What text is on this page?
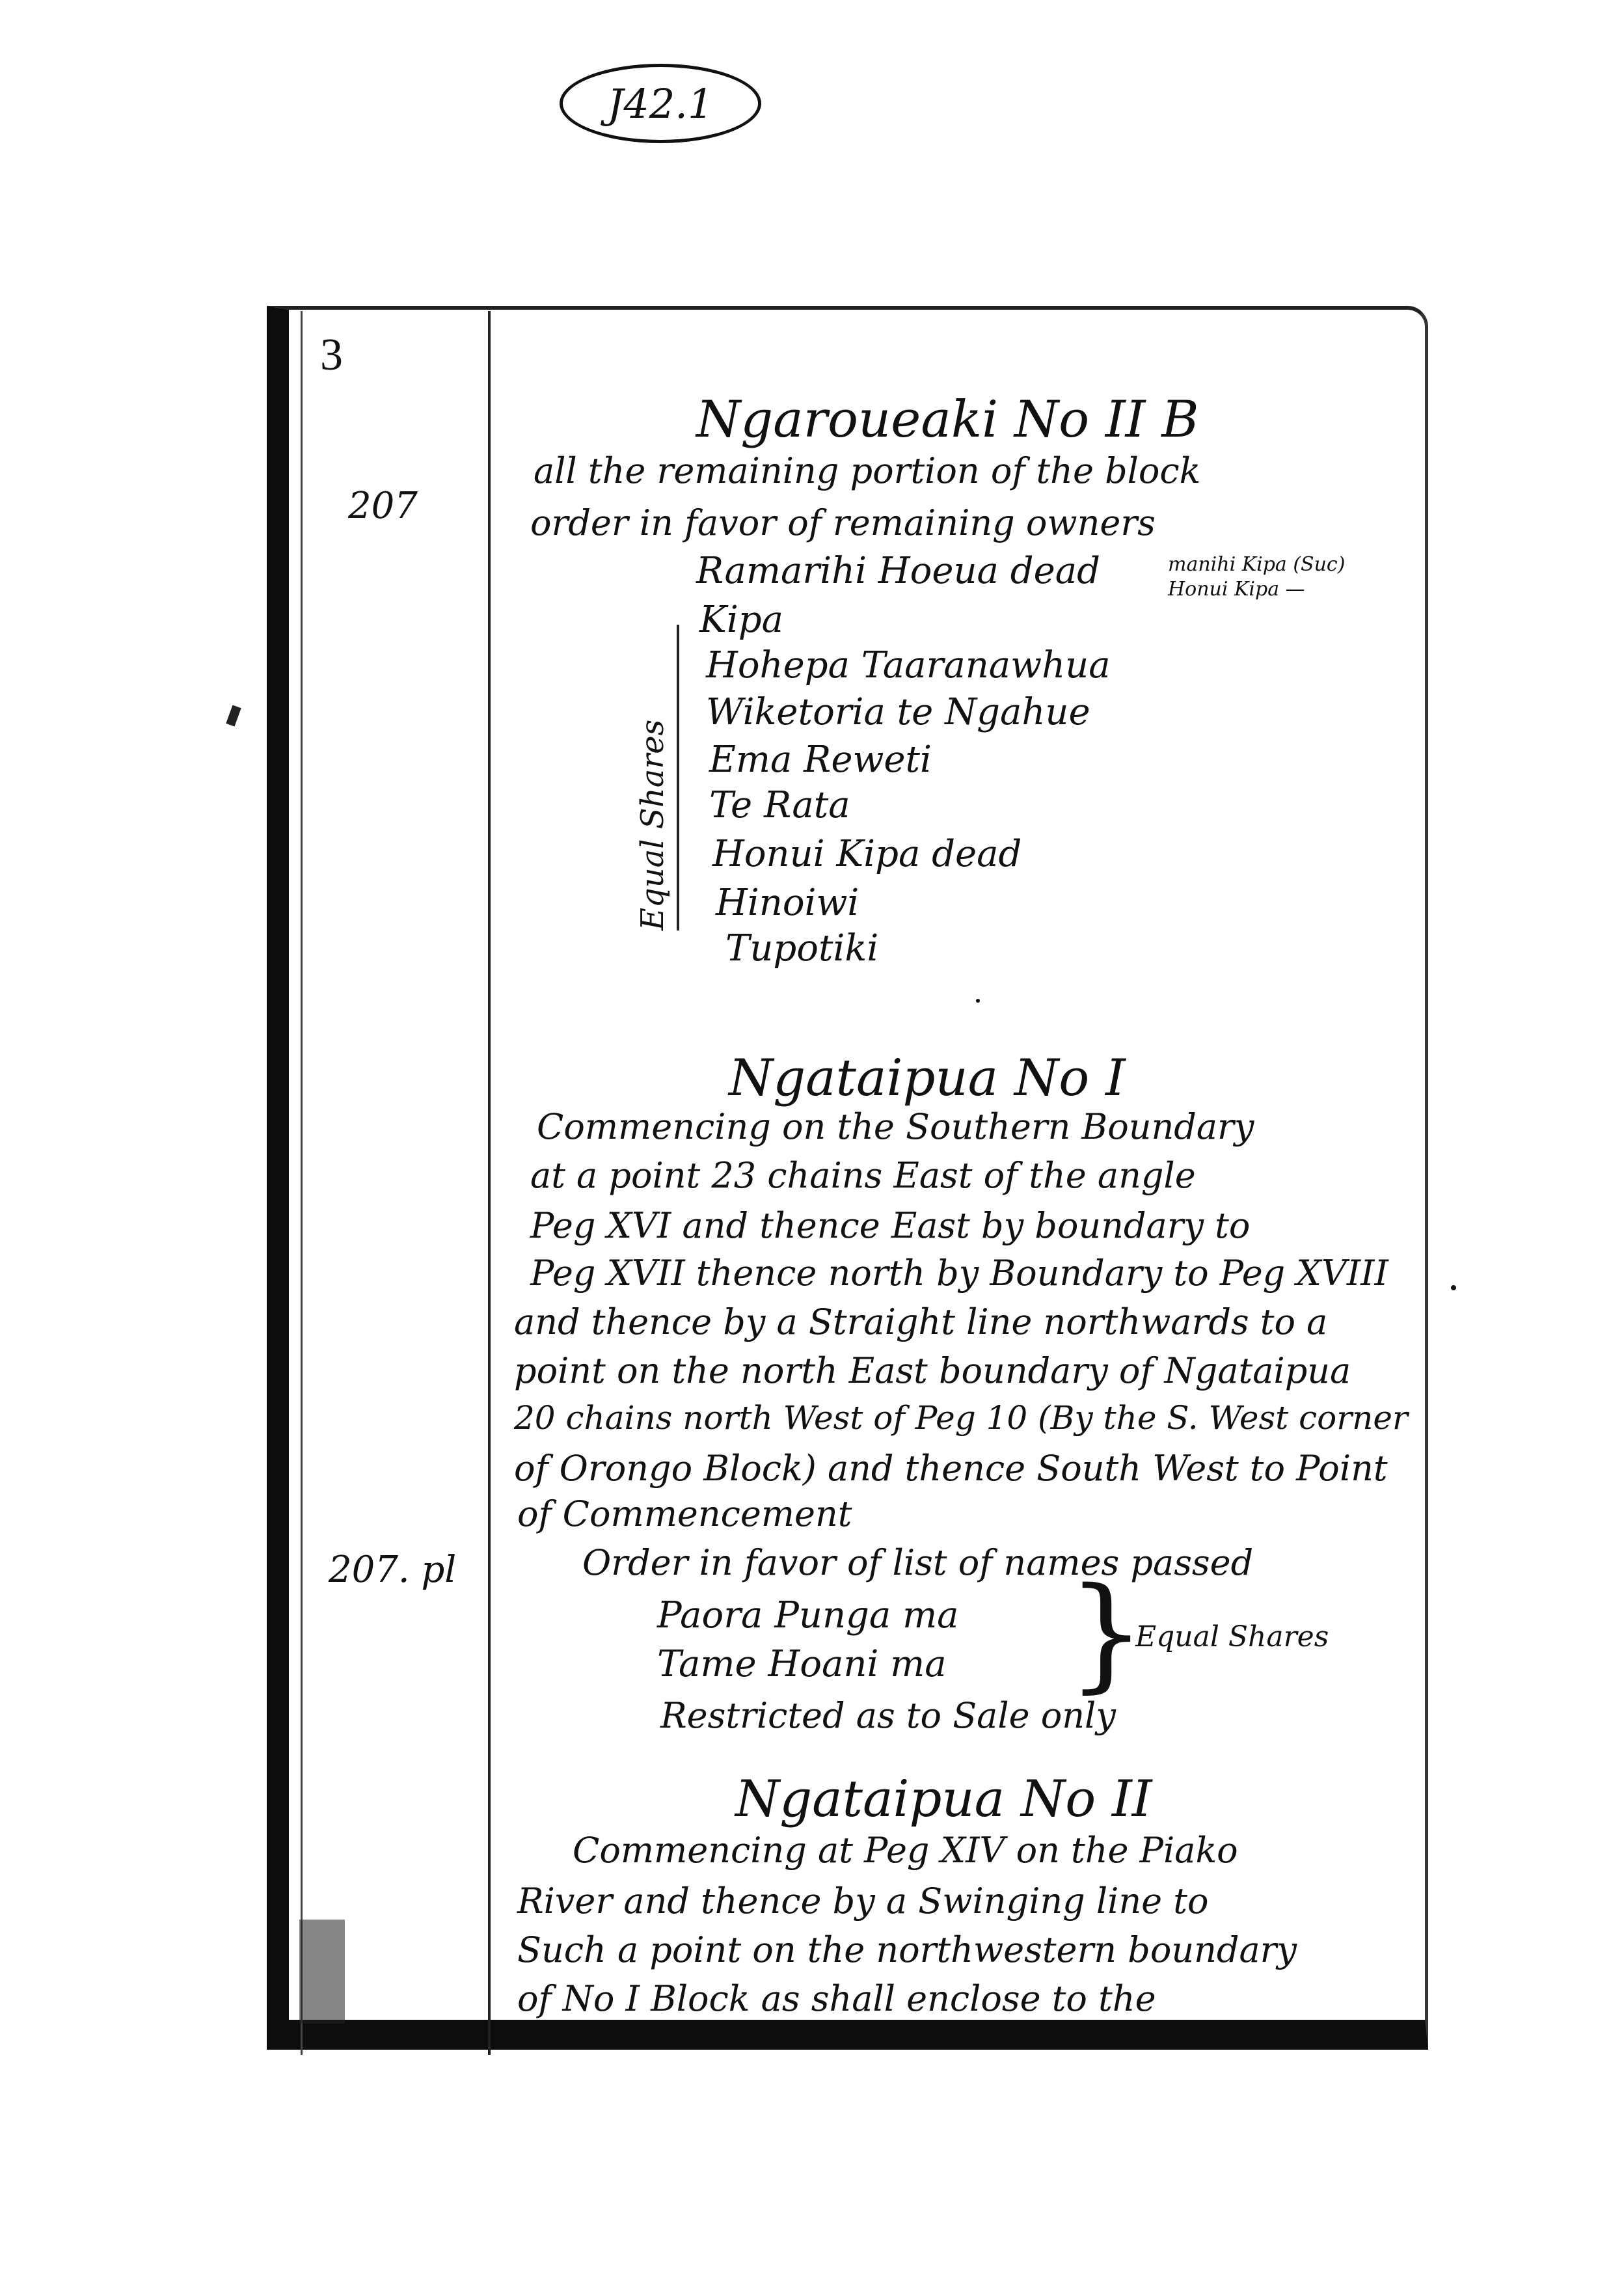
J42.1
3
207
207. pl
Ngaroueaki No II B
all the remaining portion of the block
order in favor of remaining owners
Ramarihi Hoeua dead	manihi Kipa (Suc)
Honui Kipa —
Kipa
Hohepa Taaranawhua
Wiketoria te Ngahue
Ema Reweti
Te Rata
Honui Kipa dead
Hinoiwi
Tupotiki
Equal Shares
Ngataipua No I
Commencing on the Southern Boundary
at a point 23 chains East of the angle
Peg XVI and thence East by boundary to
Peg XVII thence north by Boundary to Peg XVIII
and thence by a Straight line northwards to a
point on the north East boundary of Ngataipua
20 chains north West of Peg 10 (By the S. West corner
of Orongo Block) and thence South West to Point
of Commencement
Order in favor of list of names passed
Paora Punga ma
Tame Hoani ma }
Equal Shares
Restricted as to Sale only
Ngataipua No II
Commencing at Peg XIV on the Piako
River and thence by a Swinging line to
Such a point on the northwestern boundary
of No I Block as shall enclose to the
